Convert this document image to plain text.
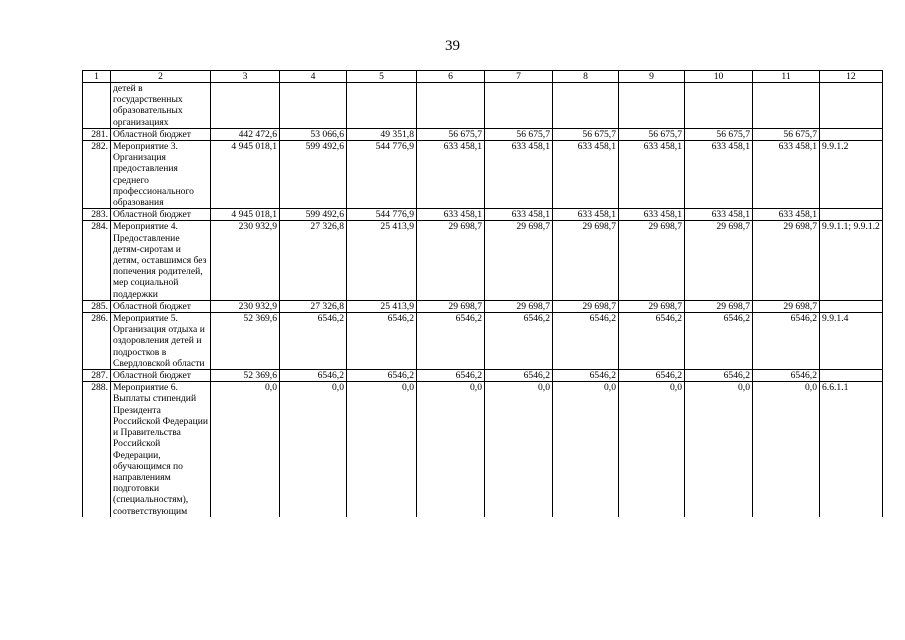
39
1	2	3	4	5	6	7	8	9	10	11	12
	детей в государственных образовательных организациях										
281.	Областной бюджет	442 472,6	53 066,6	49 351,8	56 675,7	56 675,7	56 675,7	56 675,7	56 675,7	56 675,7	
282.	Мероприятие 3. Организация предоставления среднего профессионального образования	4 945 018,1	599 492,6	544 776,9	633 458,1	633 458,1	633 458,1	633 458,1	633 458,1	633 458,1	9.9.1.2
283.	Областной бюджет	4 945 018,1	599 492,6	544 776,9	633 458,1	633 458,1	633 458,1	633 458,1	633 458,1	633 458,1	
284.	Мероприятие 4. Предоставление детям-сиротам и детям, оставшимся без попечения родителей, мер социальной поддержки	230 932,9	27 326,8	25 413,9	29 698,7	29 698,7	29 698,7	29 698,7	29 698,7	29 698,7	9.9.1.1; 9.9.1.2
285.	Областной бюджет	230 932,9	27 326,8	25 413,9	29 698,7	29 698,7	29 698,7	29 698,7	29 698,7	29 698,7	
286.	Мероприятие 5. Организация отдыха и оздоровления детей и подростков в Свердловской области	52 369,6	6546,2	6546,2	6546,2	6546,2	6546,2	6546,2	6546,2	6546,2	9.9.1.4
287.	Областной бюджет	52 369,6	6546,2	6546,2	6546,2	6546,2	6546,2	6546,2	6546,2	6546,2	
288.	Мероприятие 6. Выплаты стипендий Президента Российской Федерации и Правительства Российской Федерации, обучающимся по направлениям подготовки (специальностям), соответствующим	0,0	0,0	0,0	0,0	0,0	0,0	0,0	0,0	0,0	6.6.1.1
